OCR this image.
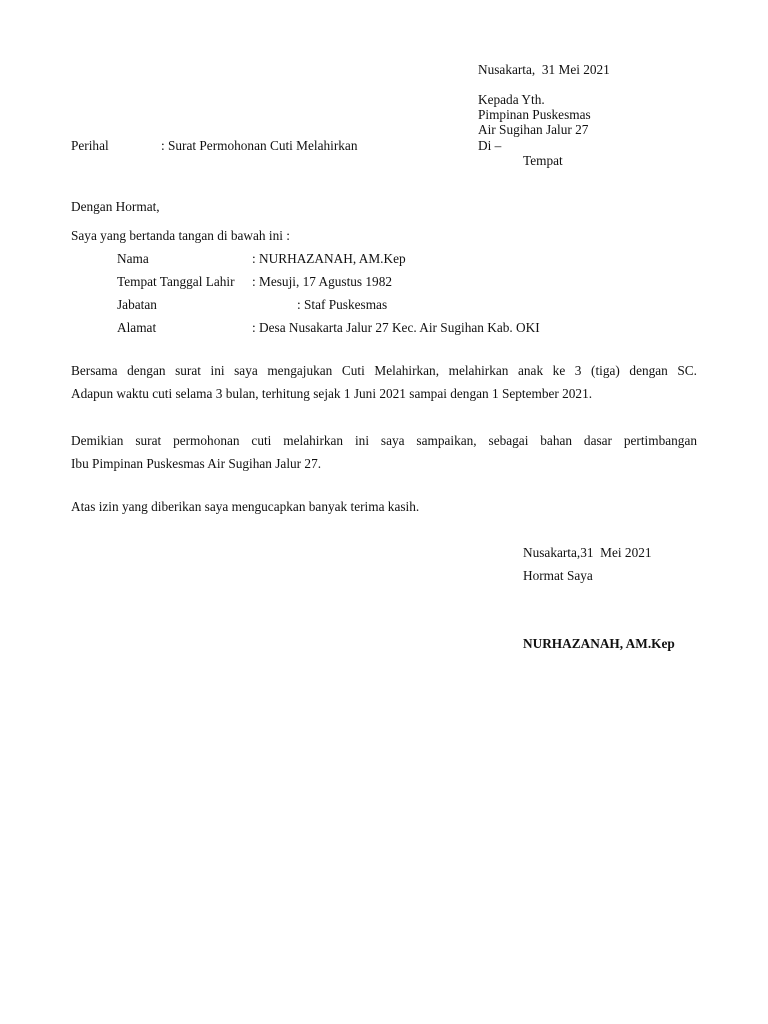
Nusakarta,  31 Mei 2021
Kepada Yth.
Pimpinan Puskesmas
Air Sugihan Jalur 27
Di –
Tempat
Perihal	: Surat Permohonan Cuti Melahirkan
Dengan Hormat,
Saya yang bertanda tangan di bawah ini :
Nama	: NURHAZANAH, AM.Kep
Tempat Tanggal Lahir : Mesuji, 17 Agustus 1982
Jabatan	: Staf Puskesmas
Alamat	: Desa Nusakarta Jalur 27 Kec. Air Sugihan Kab. OKI
Bersama dengan surat ini saya mengajukan Cuti Melahirkan, melahirkan anak ke 3 (tiga) dengan SC.
Adapun waktu cuti selama 3 bulan, terhitung sejak 1 Juni 2021 sampai dengan 1 September 2021.
Demikian surat permohonan cuti melahirkan ini saya sampaikan, sebagai bahan dasar pertimbangan
Ibu Pimpinan Puskesmas Air Sugihan Jalur 27.
Atas izin yang diberikan saya mengucapkan banyak terima kasih.
Nusakarta,31  Mei 2021
Hormat Saya
NURHAZANAH, AM.Kep
